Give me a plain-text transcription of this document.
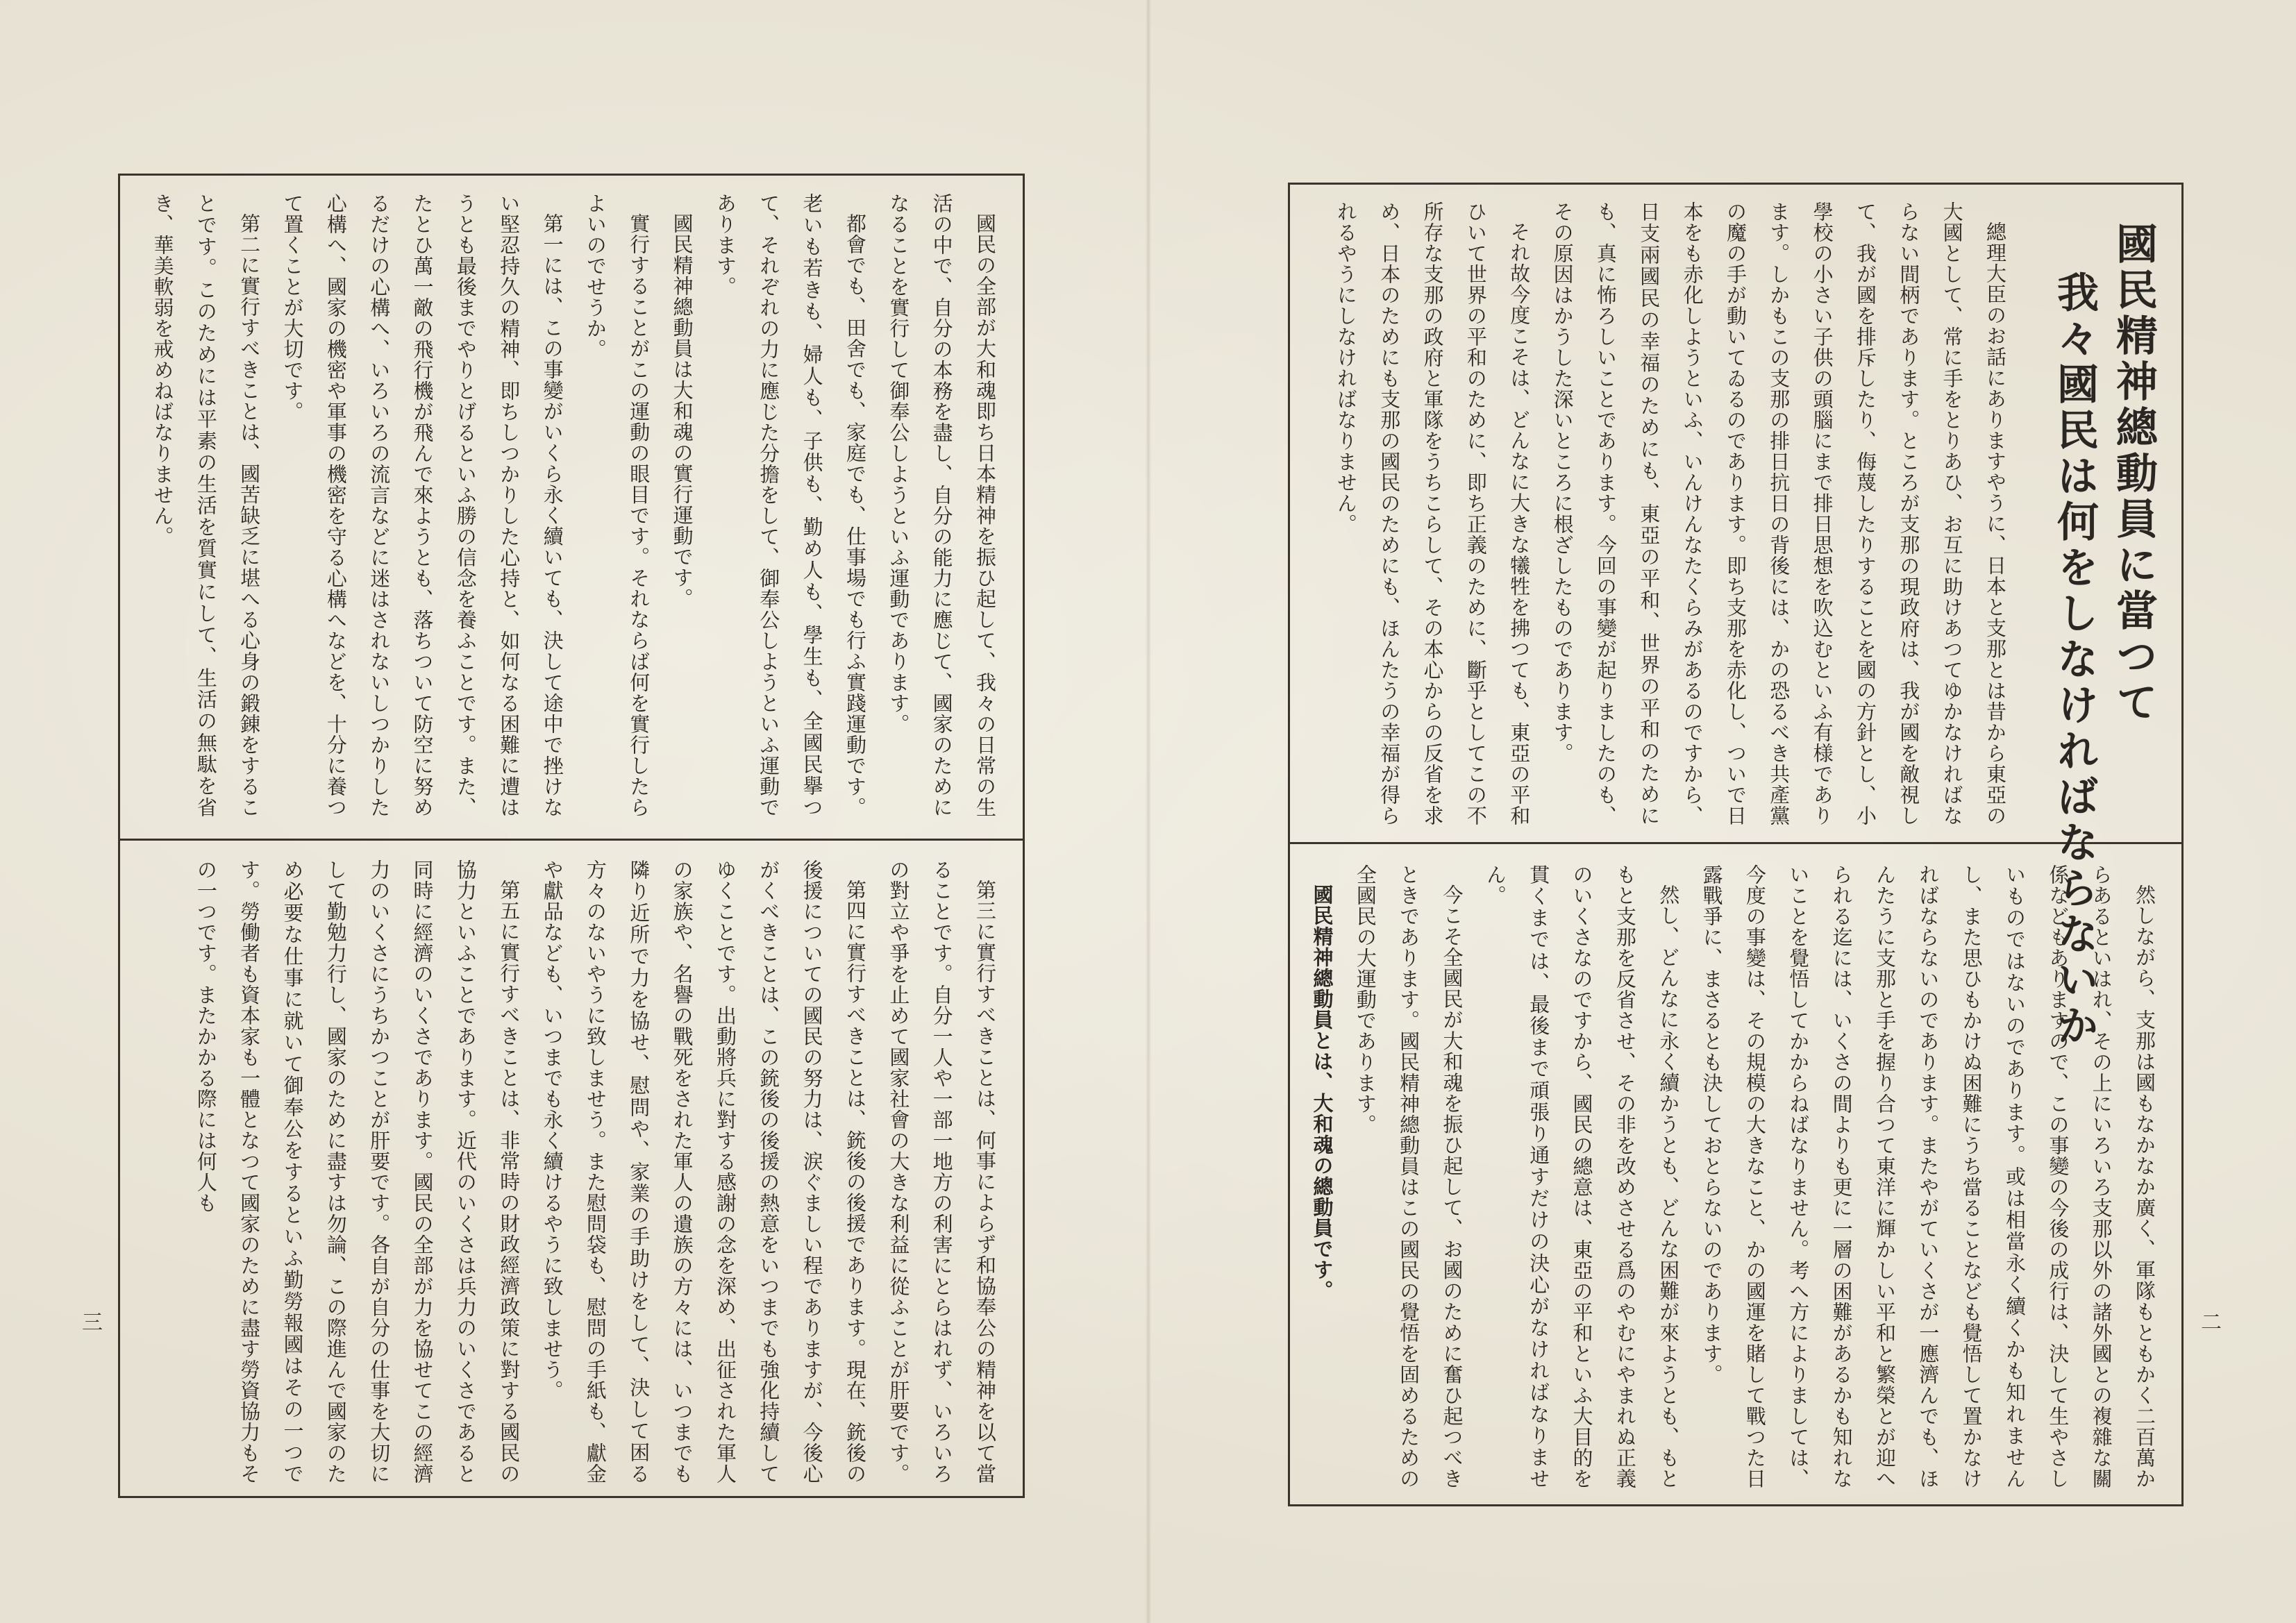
國民の全部が大和魂即ち日本精神を振ひ起して、我々の日常の生活の中で、自分の本務を盡し、自分の能力に應じて、國家のためになることを實行して御奉公しようといふ運動であります。

都會でも、田舍でも、家庭でも、仕事場でも行ふ實踐運動です。老いも若きも、婦人も、子供も、勤め人も、學生も、全國民擧つて、それぞれの力に應じた分擔をして、御奉公しようといふ運動であります。

國民精神總動員は大和魂の實行運動です。

實行することがこの運動の眼目です。それならば何を實行したらよいのでせうか。

第一には、この事變がいくら永く續いても、決して途中で挫けない堅忍持久の精神、即ちしつかりした心持と、如何なる困難に遭はうとも最後までやりとげるといふ勝の信念を養ふことです。また、たとひ萬一敵の飛行機が飛んで來ようとも、落ちついて防空に努めるだけの心構へ、いろいろの流言などに迷はされないしつかりした心構へ、國家の機密や軍事の機密を守る心構へなどを、十分に養つて置くことが大切です。

第二に實行すべきことは、國苦缺乏に堪へる心身の鍛錬をすることです。このためには平素の生活を質實にして、生活の無駄を省き、華美軟弱を戒めねばなりません。

第三に實行すべきことは、何事によらず和協奉公の精神を以て當ることです。自分一人や一部一地方の利害にとらはれず、いろいろの對立や爭を止めて國家社會の大きな利益に從ふことが肝要です。

第四に實行すべきことは、銃後の後援であります。現在、銃後の後援についての國民の努力は、涙ぐましい程でありますが、今後心がくべきことは、この銃後の後援の熱意をいつまでも強化持續してゆくことです。出動將兵に對する感謝の念を深め、出征された軍人の家族や、名譽の戰死をされた軍人の遺族の方々には、いつまでも隣り近所で力を協せ、慰問や、家業の手助けをして、決して困る方々のないやうに致しませう。また慰問袋も、慰問の手紙も、獻金や獻品なども、いつまでも永く續けるやうに致しませう。

第五に實行すべきことは、非常時の財政經濟政策に對する國民の協力といふことであります。近代のいくさは兵力のいくさであると同時に經濟のいくさであります。國民の全部が力を協せてこの經濟力のいくさにうちかつことが肝要です。各自が自分の仕事を大切にして勤勉力行し、國家のために盡すは勿論、この際進んで國家のため必要な仕事に就いて御奉公をするといふ勤勞報國はその一つです。勞働者も資本家も一體となつて國家のために盡す勞資協力もその一つです。またかかる際には何人も

三
國民精神總動員に當つて
我々國民は何をしなければならないか

總理大臣のお話にありますやうに、日本と支那とは昔から東亞の大國として、常に手をとりあひ、お互に助けあつてゆかなければならない間柄であります。ところが支那の現政府は、我が國を敵視して、我が國を排斥したり、侮蔑したりすることを國の方針とし、小學校の小さい子供の頭腦にまで排日思想を吹込むといふ有様であります。しかもこの支那の排日抗日の背後には、かの恐るべき共產黨の魔の手が動いてゐるのであります。即ち支那を赤化し、ついで日本をも赤化しようといふ、いんけんなたくらみがあるのですから、日支兩國民の幸福のためにも、東亞の平和、世界の平和のためにも、真に怖ろしいことであります。今回の事變が起りましたのも、その原因はかうした深いところに根ざしたものであります。

それ故今度こそは、どんなに大きな犧牲を拂つても、東亞の平和ひいて世界の平和のために、即ち正義のために、斷乎としてこの不所存な支那の政府と軍隊をうちこらして、その本心からの反省を求め、日本のためにも支那の國民のためにも、ほんたうの幸福が得られるやうにしなければなりません。

然しながら、支那は國もなかなか廣く、軍隊もともかく二百萬からあるといはれ、その上にいろいろ支那以外の諸外國との複雜な關係などもありますので、この事變の今後の成行は、決して生やさしいものではないのであります。或は相當永く續くかも知れませんし、また思ひもかけぬ困難にうち當ることなども覺悟して置かなければならないのであります。またやがていくさが一應濟んでも、ほんたうに支那と手を握り合つて東洋に輝かしい平和と繁榮とが迎へられる迄には、いくさの間よりも更に一層の困難があるかも知れないことを覺悟してかからねばなりません。考へ方によりましては、今度の事變は、その規模の大きなこと、かの國運を賭して戰つた日露戰爭に、まさるとも決しておとらないのであります。

然し、どんなに永く續かうとも、どんな困難が來ようとも、もともと支那を反省させ、その非を改めさせる爲のやむにやまれぬ正義のいくさなのですから、國民の總意は、東亞の平和といふ大目的を貫くまでは、最後まで頑張り通すだけの決心がなければなりません。

今こそ全國民が大和魂を振ひ起して、お國のために奮ひ起つべきときであります。國民精神總動員はこの國民の覺悟を固めるための全國民の大運動であります。

國民精神總動員とは、大和魂の總動員です。

二
